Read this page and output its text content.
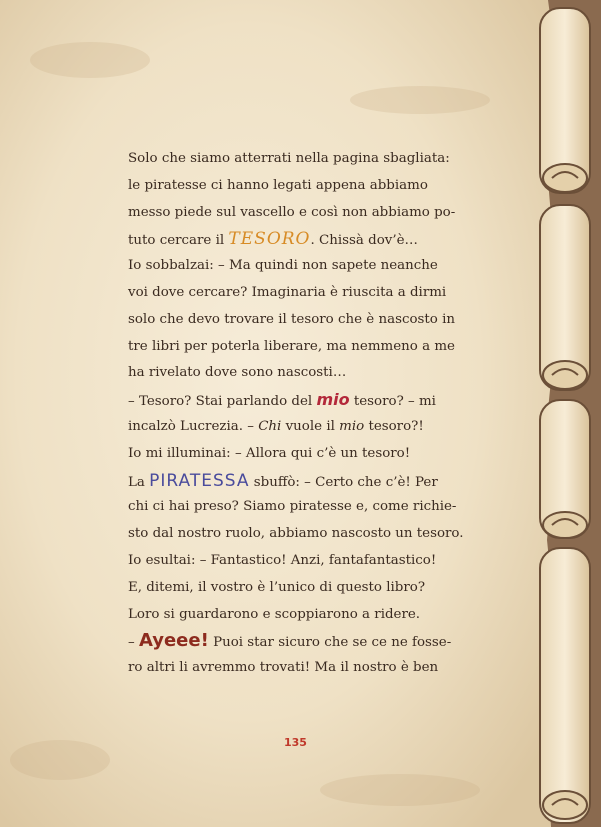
Solo che siamo atterrati nella pagina sbagliata:
le piratesse ci hanno legati appena abbiamo
messo piede sul vascello e così non abbiamo po-
tuto cercare il TESORO. Chissà dov’è…
Io sobbalzai: – Ma quindi non sapete neanche
voi dove cercare? Imaginaria è riuscita a dirmi
solo che devo trovare il tesoro che è nascosto in
tre libri per poterla liberare, ma nemmeno a me
ha rivelato dove sono nascosti…
– Tesoro? Stai parlando del mio tesoro? – mi
incalzò Lucrezia. – Chi vuole il mio tesoro?!
Io mi illuminai: – Allora qui c’è un tesoro!
La PIRATESSA sbuffò: – Certo che c’è! Per
chi ci hai preso? Siamo piratesse e, come richie-
sto dal nostro ruolo, abbiamo nascosto un tesoro.
Io esultai: – Fantastico! Anzi, fantafantastico!
E, ditemi, il vostro è l’unico di questo libro?
Loro si guardarono e scoppiarono a ridere.
– Ayeee! Puoi star sicuro che se ce ne fosse-
ro altri li avremmo trovati! Ma il nostro è ben
135
